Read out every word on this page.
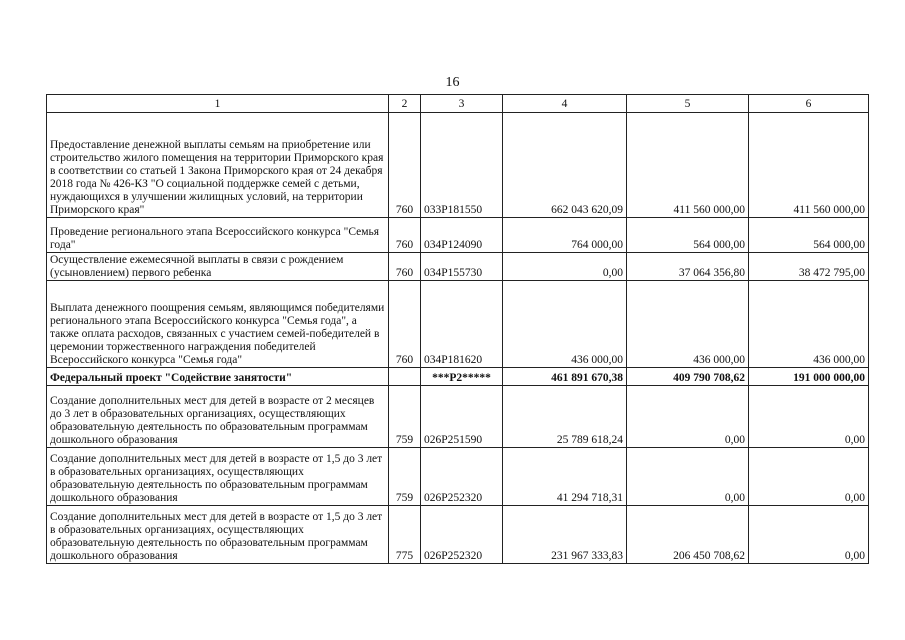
16
1	2	3	4	5	6
Предоставление денежной выплаты семьям на приобретение или строительство жилого помещения на территории Приморского края в соответствии со статьей 1 Закона Приморского края от 24 декабря 2018 года № 426-КЗ "О социальной поддержке семей с детьми, нуждающихся в улучшении жилищных условий, на территории Приморского края"	760	033P181550	662 043 620,09	411 560 000,00	411 560 000,00
Проведение регионального этапа Всероссийского конкурса "Семья года"	760	034P124090	764 000,00	564 000,00	564 000,00
Осуществление ежемесячной выплаты в связи с рождением (усыновлением) первого ребенка	760	034P155730	0,00	37 064 356,80	38 472 795,00
Выплата денежного поощрения семьям, являющимся победителями регионального этапа Всероссийского конкурса "Семья года", а также оплата расходов, связанных с участием семей-победителей в церемонии торжественного награждения победителей Всероссийского конкурса "Семья года"	760	034P181620	436 000,00	436 000,00	436 000,00
Федеральный проект "Содействие занятости"		***P2*****	461 891 670,38	409 790 708,62	191 000 000,00
Создание дополнительных мест для детей в возрасте от 2 месяцев до 3 лет в образовательных организациях, осуществляющих образовательную деятельность по образовательным программам дошкольного образования	759	026P251590	25 789 618,24	0,00	0,00
Создание дополнительных мест для детей в возрасте от 1,5 до 3 лет в образовательных организациях, осуществляющих образовательную деятельность по образовательным программам дошкольного образования	759	026P252320	41 294 718,31	0,00	0,00
Создание дополнительных мест для детей в возрасте от 1,5 до 3 лет в образовательных организациях, осуществляющих образовательную деятельность по образовательным программам дошкольного образования	775	026P252320	231 967 333,83	206 450 708,62	0,00
